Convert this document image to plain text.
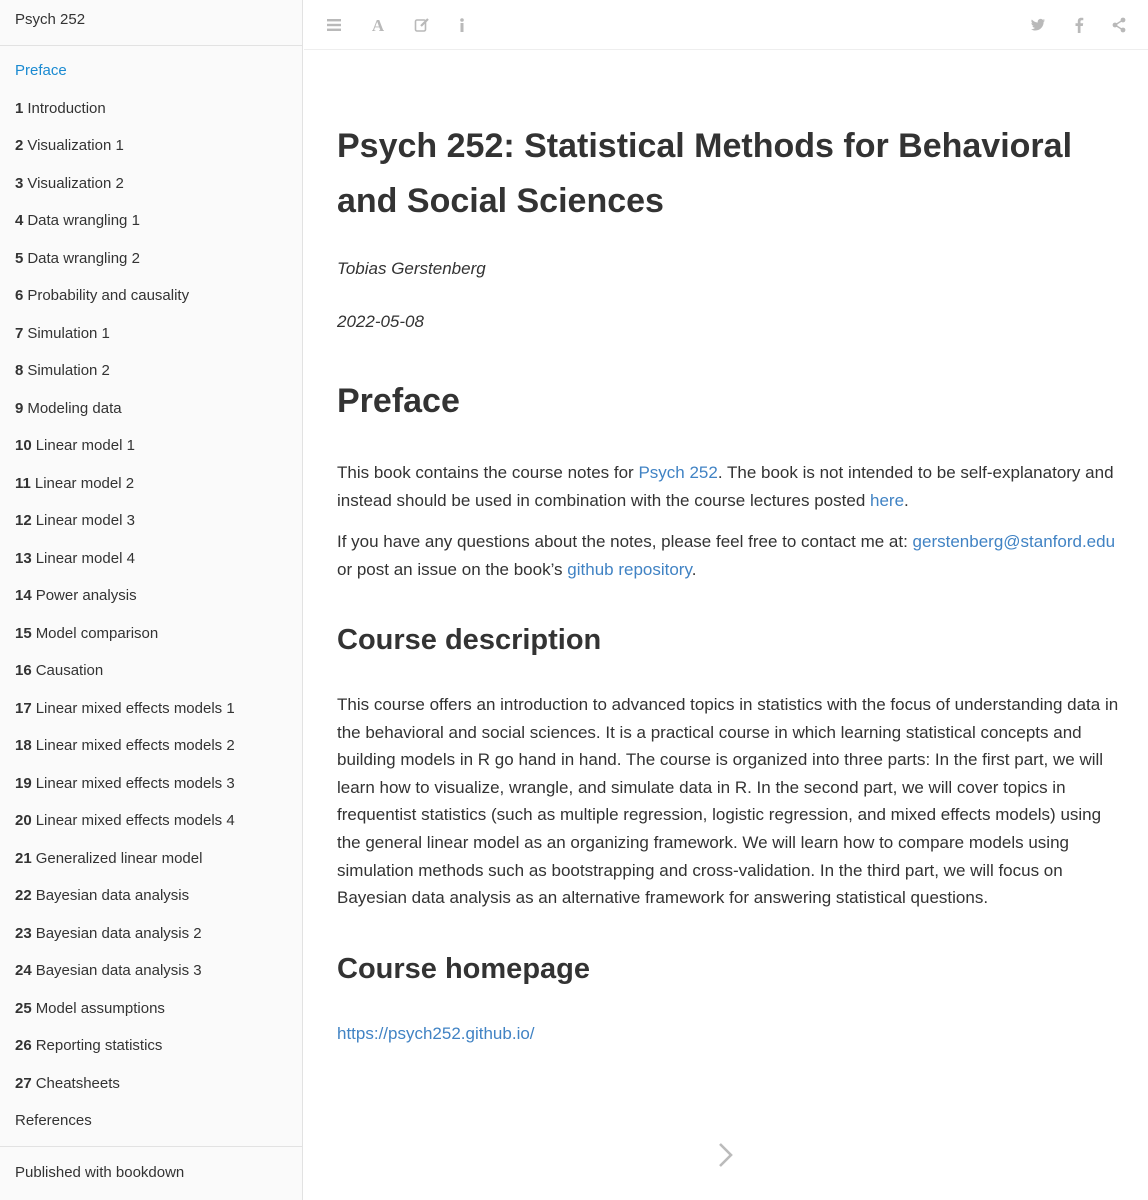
Psych 252
Preface
1 Introduction
2 Visualization 1
3 Visualization 2
4 Data wrangling 1
5 Data wrangling 2
6 Probability and causality
7 Simulation 1
8 Simulation 2
9 Modeling data
10 Linear model 1
11 Linear model 2
12 Linear model 3
13 Linear model 4
14 Power analysis
15 Model comparison
16 Causation
17 Linear mixed effects models 1
18 Linear mixed effects models 2
19 Linear mixed effects models 3
20 Linear mixed effects models 4
21 Generalized linear model
22 Bayesian data analysis
23 Bayesian data analysis 2
24 Bayesian data analysis 3
25 Model assumptions
26 Reporting statistics
27 Cheatsheets
References
Published with bookdown
A
Psych 252: Statistical Methods for Behavioral and Social Sciences
Tobias Gerstenberg
2022-05-08
Preface

This book contains the course notes for Psych 252. The book is not intended to be self-explanatory and instead should be used in combination with the course lectures posted here.

If you have any questions about the notes, please feel free to contact me at: gerstenberg@stanford.edu or post an issue on the book’s github repository.

Course description

This course offers an introduction to advanced topics in statistics with the focus of understanding data in the behavioral and social sciences. It is a practical course in which learning statistical concepts and building models in R go hand in hand. The course is organized into three parts: In the first part, we will learn how to visualize, wrangle, and simulate data in R. In the second part, we will cover topics in frequentist statistics (such as multiple regression, logistic regression, and mixed effects models) using the general linear model as an organizing framework. We will learn how to compare models using simulation methods such as bootstrapping and cross-validation. In the third part, we will focus on Bayesian data analysis as an alternative framework for answering statistical questions.

Course homepage

https://psych252.github.io/
